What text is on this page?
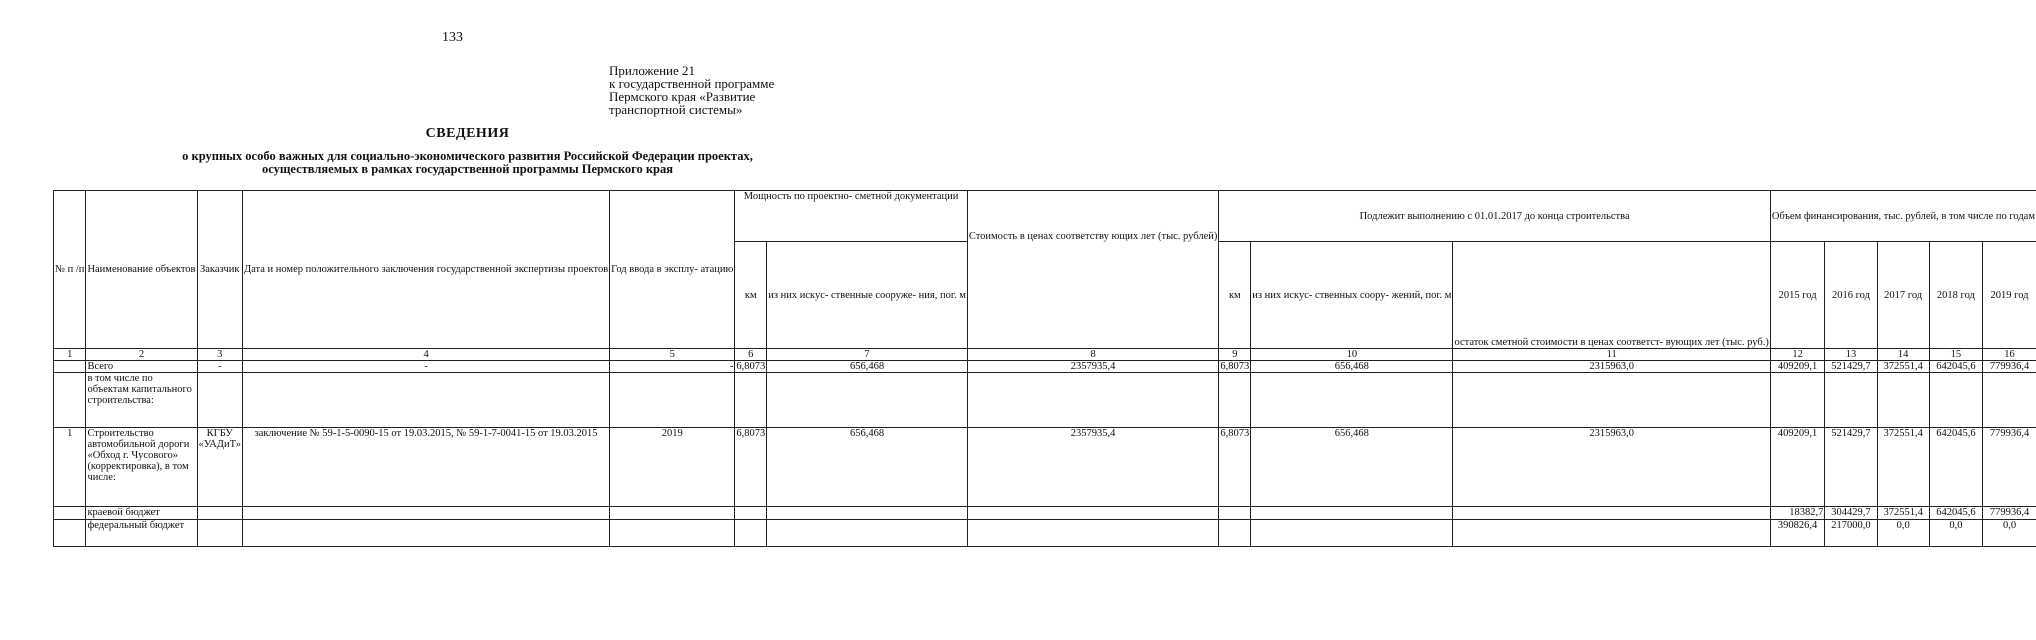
133
Приложение 21
к государственной программе
Пермского края «Развитие
транспортной системы»
СВЕДЕНИЯ
о крупных особо важных для социально-экономического развития Российской Федерации проектах,
осуществляемых в рамках государственной программы Пермского края
№ п /п	Наименование объектов	Заказчик	Дата и номер положительного заключения государственной экспертизы проектов	Год ввода в эксплу- атацию	Мощность по проектно- сметной документации		Стоимость в ценах соответству ющих лет (тыс. рублей)	Подлежит выполнению с 01.01.2017 до конца строительства			Объем финансирования, тыс. рублей, в том числе по годам				
					км	из них искус- ственные сооруже- ния, пог. м		км	из них искус- ственных соору- жений, пог. м	остаток сметной стоимости в ценах соответст- вующих лет (тыс. руб.)	2015 год	2016 год	2017 год	2018 год	2019 год
1	2	3	4	5	6	7	8	9	10	11	12	13	14	15	16
	Всего	-	-	-	6,8073	656,468	2357935,4	6,8073	656,468	2315963,0	409209,1	521429,7	372551,4	642045,6	779936,4
	в том числе по объектам капитального строительства:														
1	Строительство автомобильной дороги «Обход г. Чусового» (корректировка), в том числе:	КГБУ «УАДиТ»	заключение № 59-1-5-0090-15 от 19.03.2015, № 59-1-7-0041-15 от 19.03.2015	2019	6,8073	656,468	2357935,4	6,8073	656,468	2315963,0	409209,1	521429,7	372551,4	642045,6	779936,4
	краевой бюджет										18382,7	304429,7	372551,4	642045,6	779936,4
	федеральный бюджет										390826,4	217000,0	0,0	0,0	0,0
